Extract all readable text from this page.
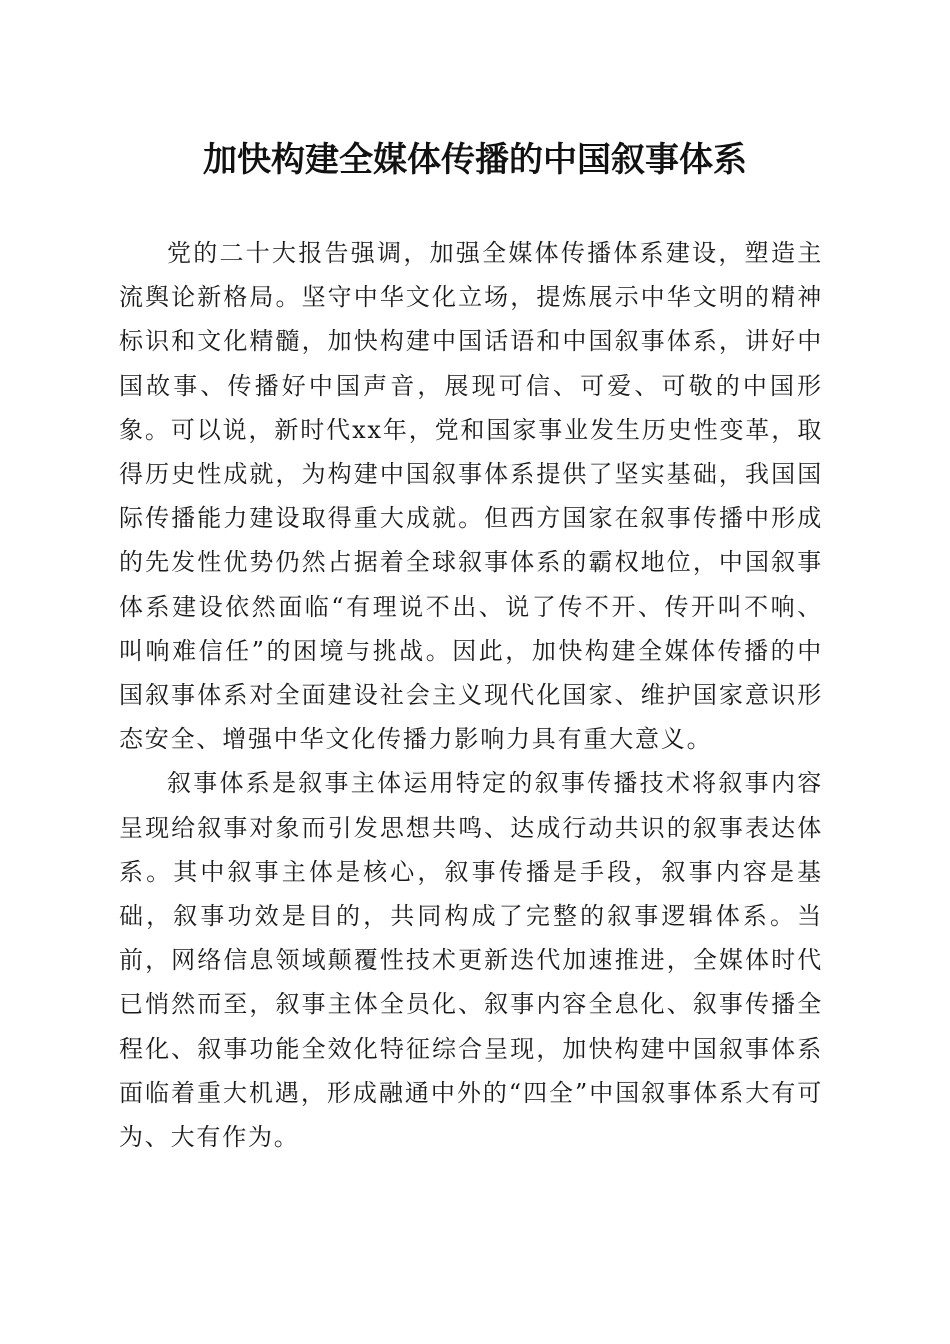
加快构建全媒体传播的中国叙事体系

党的二十大报告强调，加强全媒体传播体系建设，塑造主流舆论新格局。坚守中华文化立场，提炼展示中华文明的精神标识和文化精髓，加快构建中国话语和中国叙事体系，讲好中国故事、传播好中国声音，展现可信、可爱、可敬的中国形象。可以说，新时代xx年，党和国家事业发生历史性变革，取得历史性成就，为构建中国叙事体系提供了坚实基础，我国国际传播能力建设取得重大成就。但西方国家在叙事传播中形成的先发性优势仍然占据着全球叙事体系的霸权地位，中国叙事体系建设依然面临“有理说不出、说了传不开、传开叫不响、叫响难信任”的困境与挑战。因此，加快构建全媒体传播的中国叙事体系对全面建设社会主义现代化国家、维护国家意识形态安全、增强中华文化传播力影响力具有重大意义。

叙事体系是叙事主体运用特定的叙事传播技术将叙事内容呈现给叙事对象而引发思想共鸣、达成行动共识的叙事表达体系。其中叙事主体是核心，叙事传播是手段，叙事内容是基础，叙事功效是目的，共同构成了完整的叙事逻辑体系。当前，网络信息领域颠覆性技术更新迭代加速推进，全媒体时代已悄然而至，叙事主体全员化、叙事内容全息化、叙事传播全程化、叙事功能全效化特征综合呈现，加快构建中国叙事体系面临着重大机遇，形成融通中外的“四全”中国叙事体系大有可为、大有作为。
